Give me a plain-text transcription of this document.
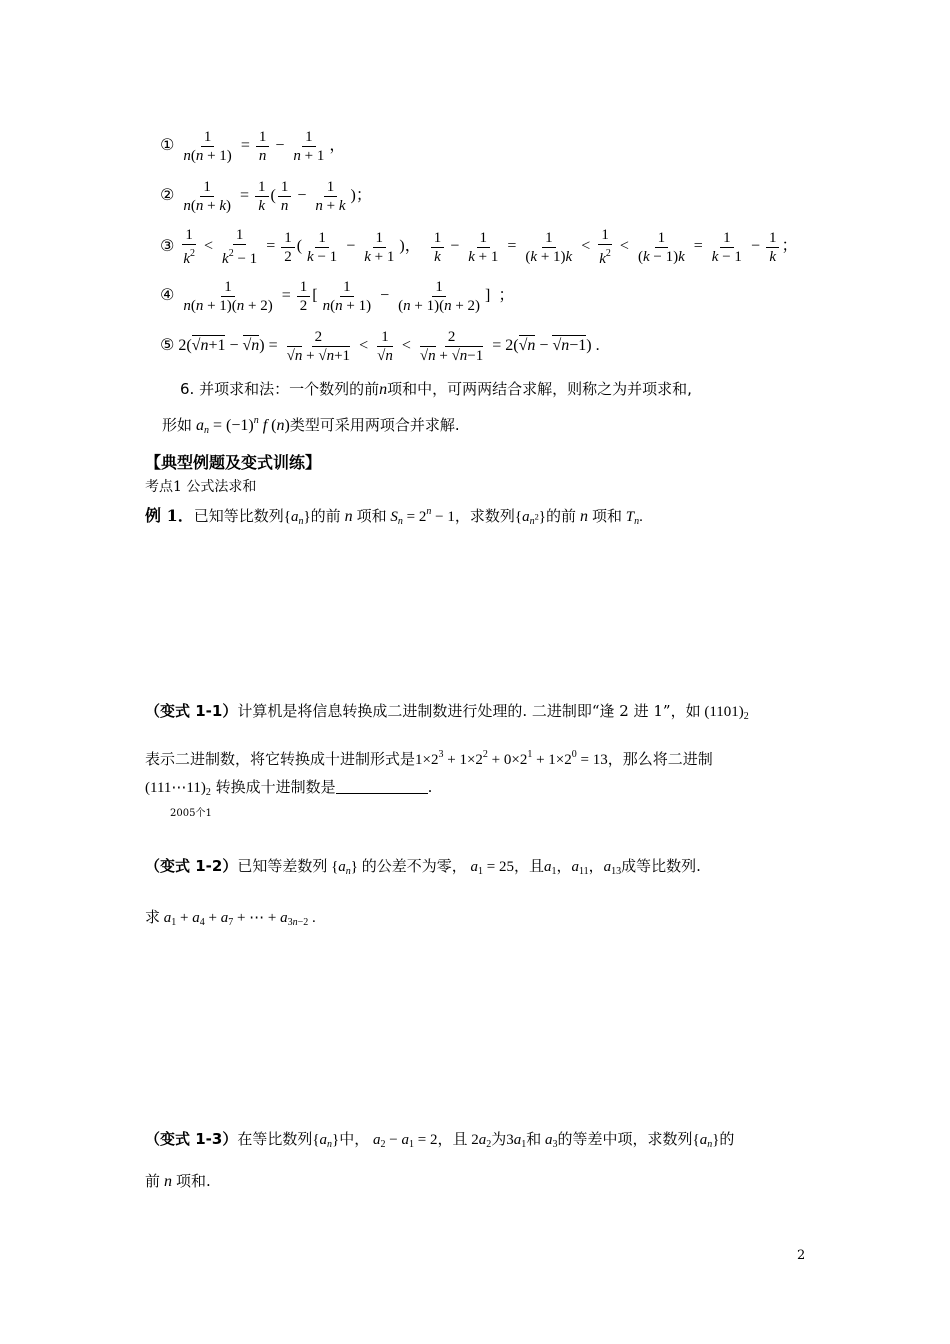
① $\frac{1}{n(n + 1)} = \frac{1}{n} - \frac{1}{n + 1}$ ，
② $\frac{1}{n(n + k)} = \frac{1}{k}$ ( $\frac{1}{n} - \frac{1}{n + k}$ )；
③ $\frac{1}{k^2} < \frac{1}{k^2 - 1} = \frac{1}{2}$ ( $\frac{1}{k - 1} - \frac{1}{k + 1}$ )， $\frac{1}{k} - \frac{1}{k + 1} = \frac{1}{(k + 1)k} < \frac{1}{k^2} < \frac{1}{(k - 1)k} = \frac{1}{k - 1} - \frac{1}{k}$ ；
④ $\frac{1}{n(n + 1)(n + 2)} = \frac{1}{2}$ [ $\frac{1}{n(n + 1)} - \frac{1}{(n + 1)(n + 2)}$ ]  ；
⑤ $2(√n+1 - √n) = \frac{2}{√n + √n+1} < \frac{1}{√n} < \frac{2}{√n + √n-1} = 2(√n - √n-1)$ .
6. 并项求和法：一个数列的前n项和中，可两两结合求解，则称之为并项求和,
形如 $a_n = (-1)^n$ f (n)类型可采用两项合并求解.
【典型例题及变式训练】
考点1 公式法求和
例 1．已知等比数列$\{a_n\}$的前 n 项和 $S_n = 2^n - 1$，求数列$\{a_{n^2}\}$的前 n 项和 $T_n$.
（变式 1-1）计算机是将信息转换成二进制数进行处理的. 二进制即“逢 2 进 1”，如 $(1101)_2$
表示二进制数，将它转换成十进制形式是$1\times 2^3 + 1\times 2^2 + 0\times 2^1 + 1\times 2^0 = 13$，那么将二进制
$(111\cdots 11)_2$ 转换成十进制数是	.
2005个1
（变式 1-2）已知等差数列 $\{a_n\}$ 的公差不为零， $a_1 = 25$，且$a_1$，$a_{11}$，$a_{13}$成等比数列.
求 $a_1 + a_4 + a_7$ + ⋯ + $a_{3n-2}$ .
（变式 1-3）在等比数列$\{a_n\}$中， $a_2 - a_1 = 2$，且 $2a_2$为$3a_1$和 $a_3$的等差中项，求数列$\{a_n\}$的
前 n 项和.
2
